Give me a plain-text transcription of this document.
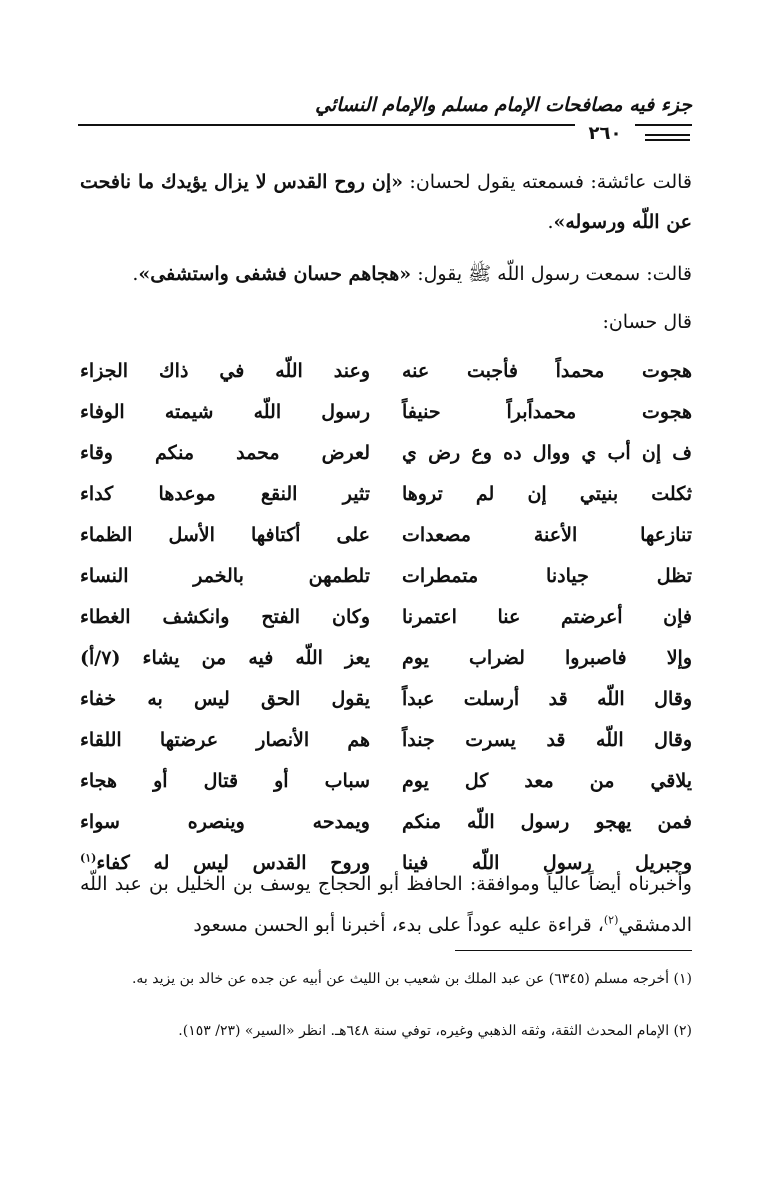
جزء فيه مصافحات الإمام مسلم والإمام النسائي
٢٦٠
قالت عائشة: فسمعته يقول لحسان: «إن روح القدس لا يزال يؤيدك ما نافحت عن اللّه ورسوله».
قالت: سمعت رسول اللّه ﷺ يقول: «هجاهم حسان فشفى واستشفى».
قال حسان:
هجوت محمداً فأجبت عنه
وعند اللّه في ذاك الجزاء
هجوت محمداًبراً حنيفاً
رسول اللّه شيمته الوفاء
ف إن أب ي ووال ده وع رض ي
لعرض محمد منكم وقاء
ثكلت بنيتي إن لم تروها
تثير النقع موعدها كداء
تنازعها الأعنة مصعدات
على أكتافها الأسل الظماء
تظل جيادنا متمطرات
تلطمهن بالخمر النساء
فإن أعرضتم عنا اعتمرنا
وكان الفتح وانكشف الغطاء
وإلا فاصبروا لضراب يوم
يعز اللّه فيه من يشاء (٧/أ)
وقال اللّه قد أرسلت عبداً
يقول الحق ليس به خفاء
وقال اللّه قد يسرت جنداً
هم الأنصار عرضتها اللقاء
يلاقي من معد كل يوم
سباب أو قتال أو هجاء
فمن يهجو رسول اللّه منكم
ويمدحه وينصره سواء
وجبريل رسول اللّه فينا
وروح القدس ليس له كفاء$^{(١)}$
وأخبرناه أيضاً عالياً وموافقة: الحافظ أبو الحجاج يوسف بن الخليل بن عبد اللّه الدمشقي$^{(٢)}$، قراءة عليه عوداً على بدء، أخبرنا أبو الحسن مسعود
(١) أخرجه مسلم (٦٣٤٥) عن عبد الملك بن شعيب بن الليث عن أبيه عن جده عن خالد بن يزيد به.
(٢) الإمام المحدث الثقة، وثقه الذهبي وغيره، توفي سنة ٦٤٨هـ. انظر «السير» (٢٣/ ١٥٣).
